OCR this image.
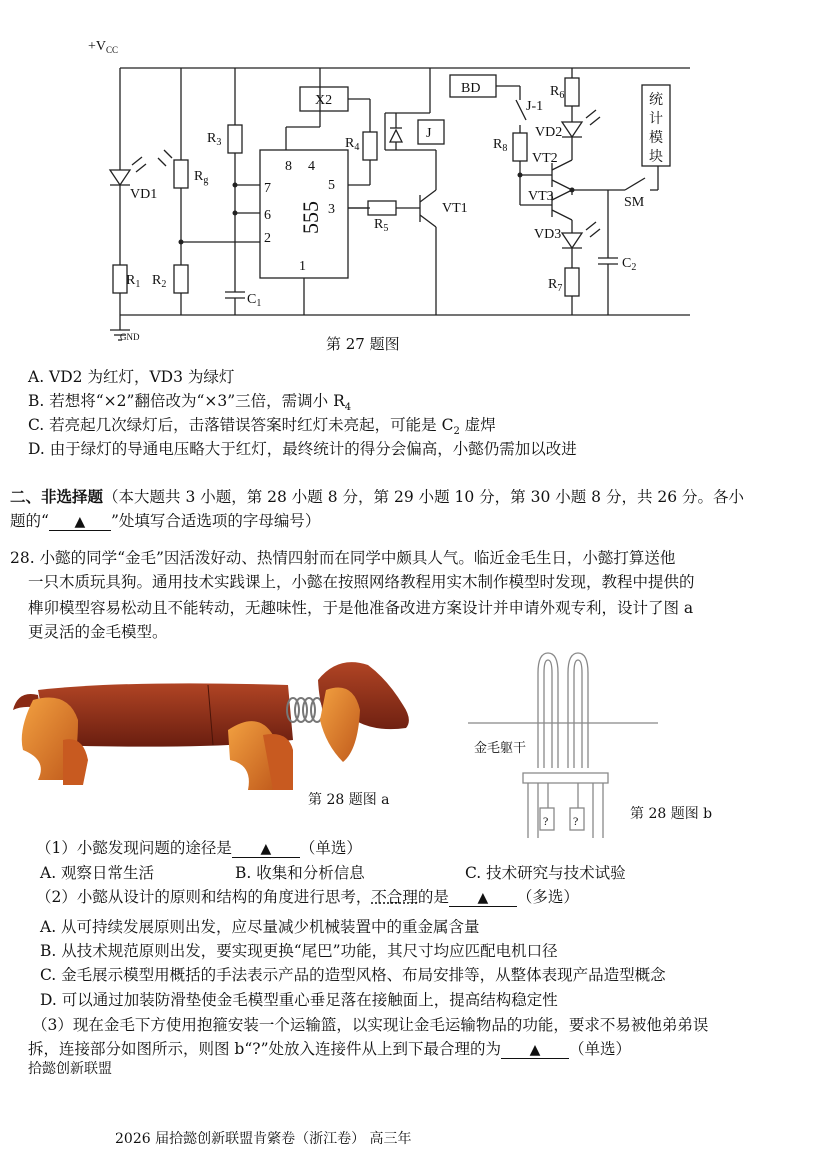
$+V_{CC}$
GND
VD1
$R_g$
$R_3$
$R_1$ $R_2$
$C_1$
8 4
7
6
2
5
3
1
555
X2
$R_4$
J
$R_5$
VT1
BD
J-1
$R_6$
VD2
$R_8$
VT2
VT3
VD3
$R_7$
$C_2$
SM
统
计
模
块
第 27 题图
A. VD2 为红灯，VD3 为绿灯
B. 若想将“×2”翻倍改为“×3”三倍，需调小 $R_4$
C. 若亮起几次绿灯后，击落错误答案时红灯未亮起，可能是 $C_2$ 虚焊
D. 由于绿灯的导通电压略大于红灯，最终统计的得分会偏高，小懿仍需加以改进
二、非选择题（本大题共 3 小题，第 28 小题 8 分，第 29 小题 10 分，第 30 小题 8 分，共 26 分。各小
题的“ ▲ ”处填写合适选项的字母编号）
28. 小懿的同学“金毛”因活泼好动、热情四射而在同学中颇具人气。临近金毛生日，小懿打算送他
一只木质玩具狗。通用技术实践课上，小懿在按照网络教程用实木制作模型时发现，教程中提供的
榫卯模型容易松动且不能转动，无趣味性，于是他准备改进方案设计并申请外观专利，设计了图 a
更灵活的金毛模型。
第 28 题图 a
金毛躯干
? ?	第 28 题图 b
（1）小懿发现问题的途径是 ▲ （单选）
A. 观察日常生活	B. 收集和分析信息	C. 技术研究与技术试验
（2）小懿从设计的原则和结构的角度进行思考，不合理的是 ▲ （多选）
A. 从可持续发展原则出发，应尽量减少机械装置中的重金属含量
B. 从技术规范原则出发，要实现更换“尾巴”功能，其尺寸均应匹配电机口径
C. 金毛展示模型用概括的手法表示产品的造型风格、布局安排等，从整体表现产品造型概念
D. 可以通过加装防滑垫使金毛模型重心垂足落在接触面上，提高结构稳定性
（3）现在金毛下方使用抱箍安装一个运输篮，以实现让金毛运输物品的功能，要求不易被他弟弟误
拆，连接部分如图所示，则图 b“?”处放入连接件从上到下最合理的为 ▲ （单选）
拾懿创新联盟
2026 届拾懿创新联盟肯綮卷（浙江卷） 高三年
